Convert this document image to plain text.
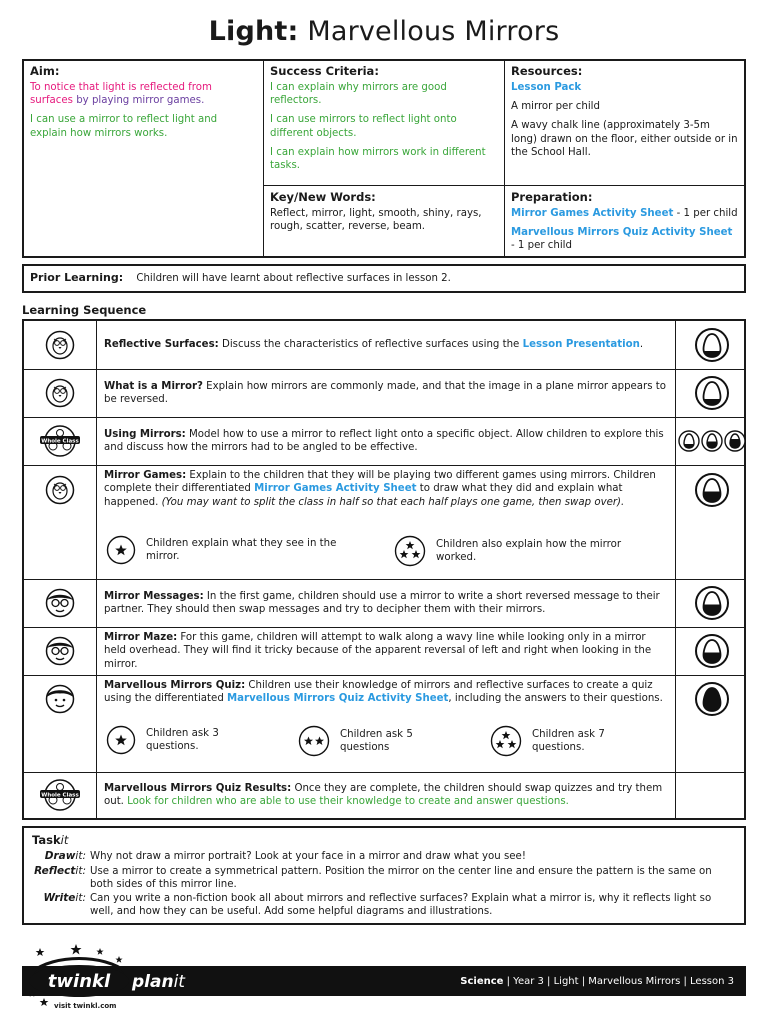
Light: Marvellous Mirrors
Aim:

To notice that light is reflected from surfaces by playing mirror games.

I can use a mirror to reflect light and explain how mirrors works.

Success Criteria:

I can explain why mirrors are good reflectors.

I can use mirrors to reflect light onto different objects.

I can explain how mirrors work in different tasks.

Resources:

Lesson Pack

A mirror per child

A wavy chalk line (approximately 3-5m long) drawn on the floor, either outside or in the School Hall.

Key/New Words:

Reflect, mirror, light, smooth, shiny, rays, rough, scatter, reverse, beam.

Preparation:

Mirror Games Activity Sheet - 1 per child

Marvellous Mirrors Quiz Activity Sheet - 1 per child

Prior Learning: Children will have learnt about reflective surfaces in lesson 2.
Learning Sequence
Reflective Surfaces: Discuss the characteristics of reflective surfaces using the Lesson Presentation.
What is a Mirror? Explain how mirrors are commonly made, and that the image in a plane mirror appears to be reversed.
Whole Class
Using Mirrors: Model how to use a mirror to reflect light onto a specific object. Allow children to explore this and discuss how the mirrors had to be angled to be effective.
Mirror Games: Explain to the children that they will be playing two different games using mirrors. Children complete their differentiated Mirror Games Activity Sheet to draw what they did and explain what happened. (You may want to split the class in half so that each half plays one game, then swap over).
Children explain what they see in the mirror.
Children also explain how the mirror worked.
Mirror Messages: In the first game, children should use a mirror to write a short reversed message to their partner. They should then swap messages and try to decipher them with their mirrors.
Mirror Maze: For this game, children will attempt to walk along a wavy line while looking only in a mirror held overhead. They will find it tricky because of the apparent reversal of left and right when looking in the mirror.
Marvellous Mirrors Quiz: Children use their knowledge of mirrors and reflective surfaces to create a quiz using the differentiated Marvellous Mirrors Quiz Activity Sheet, including the answers to their questions.
Children ask 3 questions.
Children ask 5 questions
Children ask 7 questions.
Whole Class
Marvellous Mirrors Quiz Results: Once they are complete, the children should swap quizzes and try them out. Look for children who are able to use their knowledge to create and answer questions.
Taskit
Drawit: Why not draw a mirror portrait? Look at your face in a mirror and draw what you see!
Reflectit: Use a mirror to create a symmetrical pattern. Position the mirror on the center line and ensure the pattern is the same on both sides of this mirror line.
Writeit: Can you write a non-fiction book all about mirrors and reflective surfaces? Explain what a mirror is, why it reflects light so well, and how they can be useful. Add some helpful diagrams and illustrations.
Science | Year 3 | Light | Marvellous Mirrors | Lesson 3
twinkl planit
visit twinkl.com
